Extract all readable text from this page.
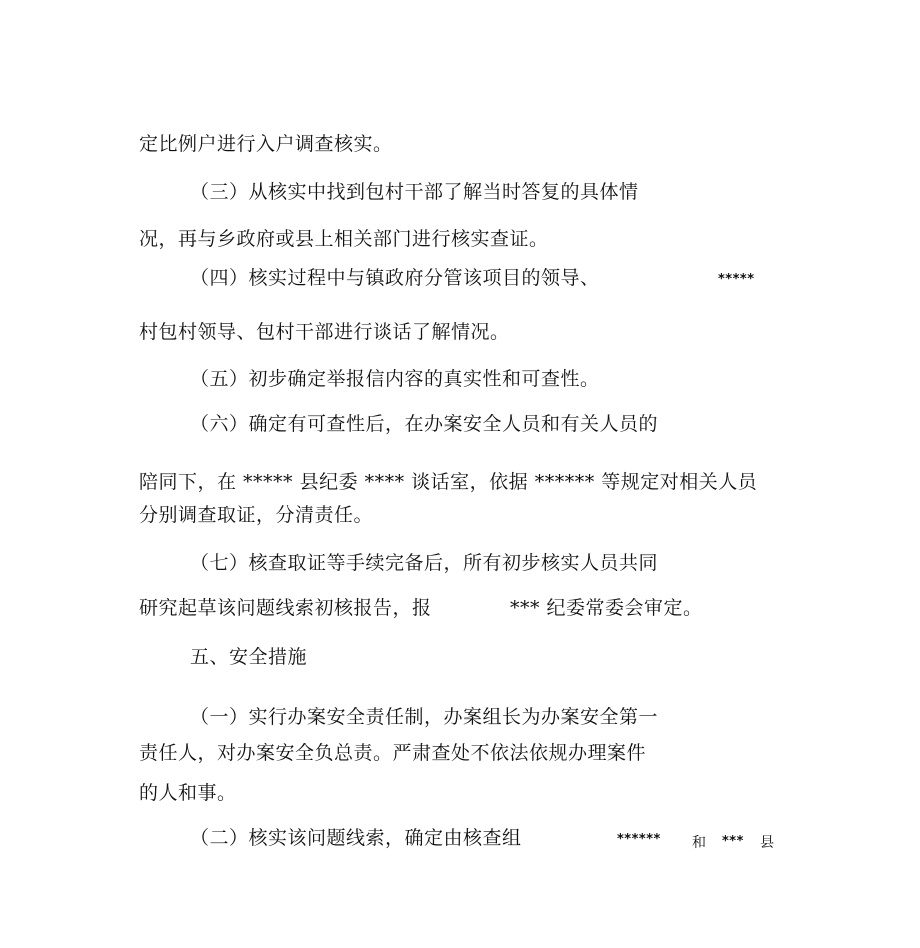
定比例户进行入户调查核实。
（三）从核实中找到包村干部了解当时答复的具体情
况，再与乡政府或县上相关部门进行核实查证。
（四）核实过程中与镇政府分管该项目的领导、	*****
村包村领导、包村干部进行谈话了解情况。
（五）初步确定举报信内容的真实性和可查性。
（六）确定有可查性后，在办案安全人员和有关人员的
陪同下，在 ***** 县纪委 **** 谈话室，依据 ****** 等规定对相关人员
分别调查取证，分清责任。
（七）核查取证等手续完备后，所有初步核实人员共同
研究起草该问题线索初核报告，报	*** 纪委常委会审定。
五、安全措施
（一）实行办案安全责任制，办案组长为办案安全第一
责任人，对办案安全负总责。严肃查处不依法依规办理案件
的人和事。
（二）核实该问题线索，确定由核查组	****** 和 *** 县
